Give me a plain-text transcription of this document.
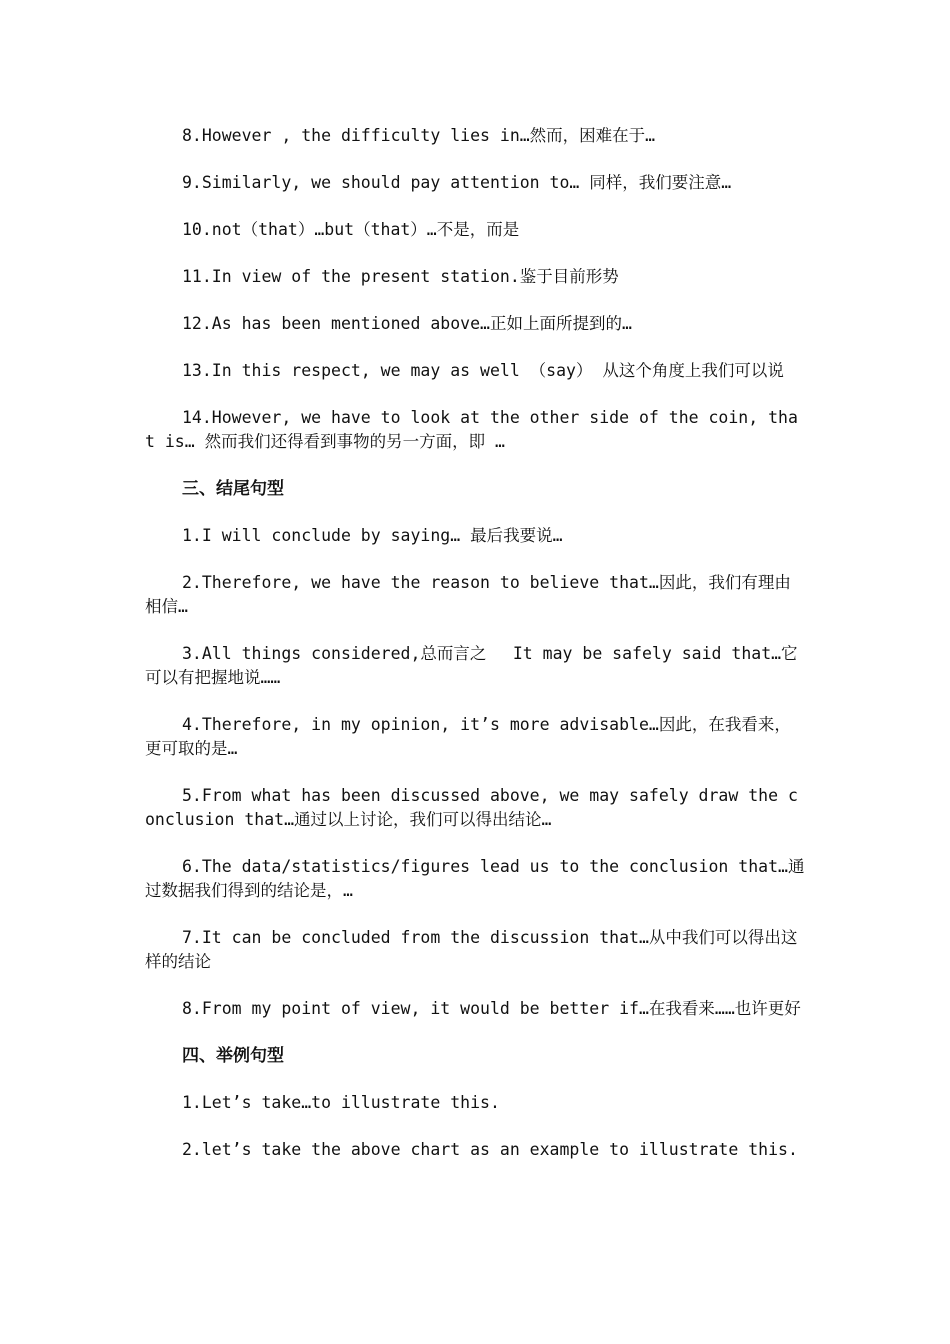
8.However , the difficulty lies in…然而，困难在于…

9.Similarly, we should pay attention to… 同样，我们要注意…

10.not（that）…but（that）…不是，而是

11.In view of the present station.鉴于目前形势

12.As has been mentioned above…正如上面所提到的…

13.In this respect, we may as well （say） 从这个角度上我们可以说

14.However, we have to look at the other side of the coin, that is… 然而我们还得看到事物的另一方面，即 …

三、结尾句型

1.I will conclude by saying… 最后我要说…

2.Therefore, we have the reason to believe that…因此，我们有理由相信…

3.All things considered,总而言之　 It may be safely said that…它可以有把握地说……

4.Therefore, in my opinion, it’s more advisable…因此，在我看来，更可取的是…

5.From what has been discussed above, we may safely draw the conclusion that…通过以上讨论，我们可以得出结论…

6.The data/statistics/figures lead us to the conclusion that…通过数据我们得到的结论是，…

7.It can be concluded from the discussion that…从中我们可以得出这样的结论

8.From my point of view, it would be better if…在我看来……也许更好

四、举例句型

1.Let’s take…to illustrate this.

2.let’s take the above chart as an example to illustrate this.
